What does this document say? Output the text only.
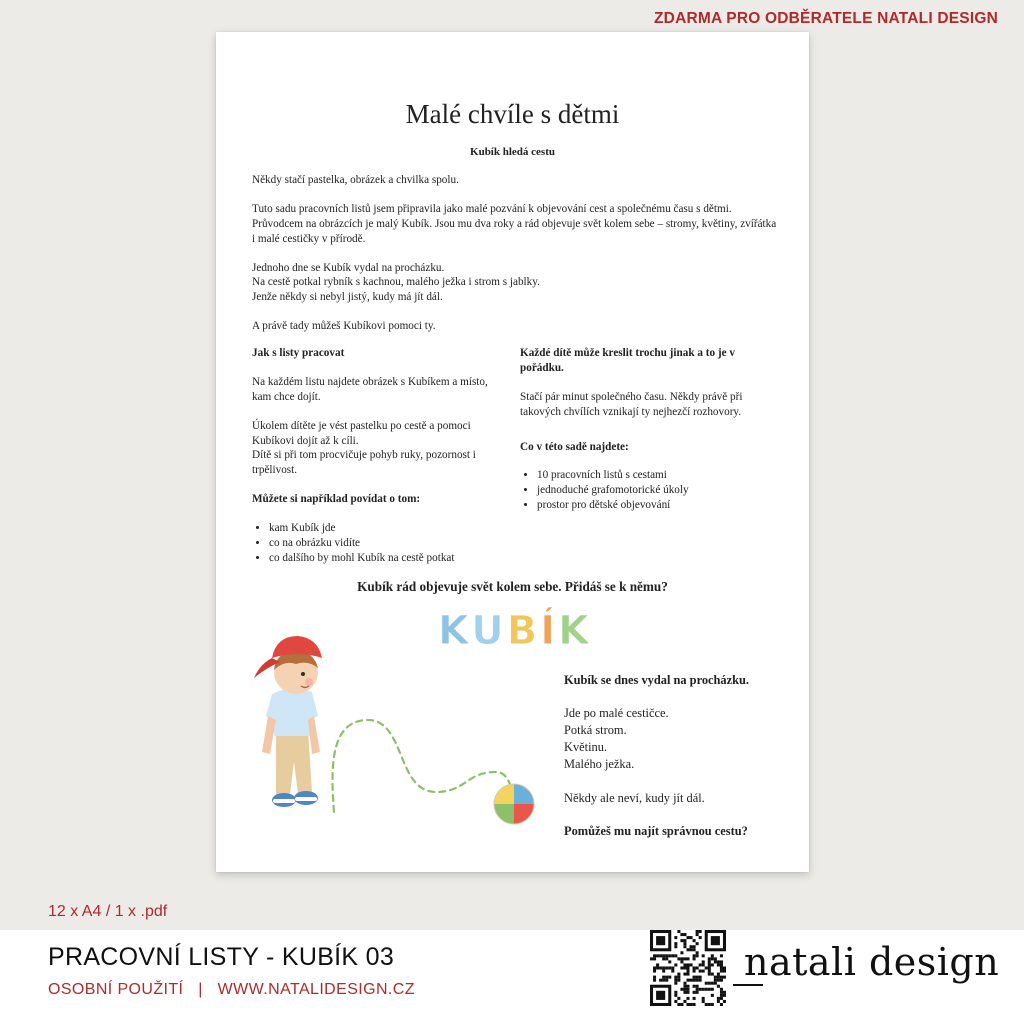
ZDARMA PRO ODBĚRATELE NATALI DESIGN
Malé chvíle s dětmi
Kubík hledá cestu

Někdy stačí pastelka, obrázek a chvilka spolu.

Tuto sadu pracovních listů jsem připravila jako malé pozvání k objevování cest a společnému času s dětmi. Průvodcem na obrázcích je malý Kubík. Jsou mu dva roky a rád objevuje svět kolem sebe – stromy, květiny, zvířátka i malé cestičky v přírodě.

Jednoho dne se Kubík vydal na procházku.
Na cestě potkal rybník s kachnou, malého ježka i strom s jablky.
Jenže někdy si nebyl jistý, kudy má jít dál.

A právě tady můžeš Kubíkovi pomoci ty.

Jak s listy pracovat

Na každém listu najdete obrázek s Kubíkem a místo, kam chce dojít.

Úkolem dítěte je vést pastelku po cestě a pomoci Kubíkovi dojít až k cíli.
Dítě si při tom procvičuje pohyb ruky, pozornost i trpělivost.

Můžete si například povídat o tom:

• kam Kubík jde
• co na obrázku vidíte
• co dalšího by mohl Kubík na cestě potkat

Každé dítě může kreslit trochu jinak a to je v pořádku.

Stačí pár minut společného času. Někdy právě při takových chvílích vznikají ty nejhezčí rozhovory.

Co v této sadě najdete:

• 10 pracovních listů s cestami
• jednoduché grafomotorické úkoly
• prostor pro dětské objevování
Kubík rád objevuje svět kolem sebe. Přidáš se k němu?
KUBÍK

Kubík se dnes vydal na procházku.

Jde po malé cestičce.

Potká strom.

Květinu.

Malého ježka.

Někdy ale neví, kudy jít dál.

Pomůžeš mu najít správnou cestu?

12 x A4 / 1 x .pdf
PRACOVNÍ LISTY - KUBÍK 03
OSOBNÍ POUŽITÍ | WWW.NATALIDESIGN.CZ
natali design
